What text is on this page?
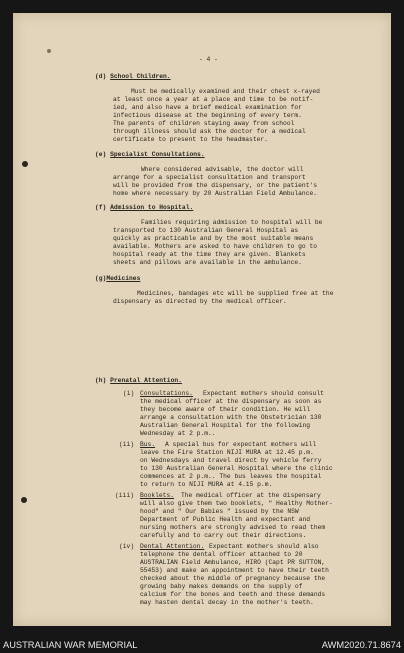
- 4 -
(d) School Children.
Must be medically examined and their chest x-rayed
at least once a year at a place and time to be notif-
ied, and also have a brief medical examination for
infectious disease at the beginning of every term.
The parents of children staying away from school
through illness should ask the doctor for a medical
certificate to present to the headmaster.
(e) Specialist Consultations.
Where considered advisable, the doctor will
arrange for a specialist consultation and transport
will be provided from the dispensary, or the patient's
home where necessary by 20 Australian Field Ambulance.
(f) Admission to Hospital.
Families requiring admission to hospital will be
transported to 130 Australian General Hospital as
quickly as practicable and by the most suitable means
available. Mothers are asked to have children to go to
hospital ready at the time they are given. Blankets
sheets and pillows are available in the ambulance.
(g)Medicines
Medicines, bandages etc will be supplied free at the
dispensary as directed by the medical officer.
(h) Prenatal Attention.
(i) Consultations. Expectant mothers should consult
the medical officer at the dispensary as soon as
they become aware of their condition. He will
arrange a consultation with the Obstetrician 130
Australian General Hospital for the following
Wednesday at 2 p.m..
(ii) Bus. A special bus for expectant mothers will
leave the Fire Station NIJI MURA at 12.45 p.m.
on Wednesdays and travel direct by vehicle ferry
to 130 Australian General Hospital where the clinic
commences at 2 p.m.. The bus leaves the hospital
to return to NIJI MURA at 4.15 p.m.
(iii) Booklets. The medical officer at the dispensary
will also give them two booklets, " Healthy Mother-
hood" and " Our Babies " issued by the NSW
Department of Public Health and expectant and
nursing mothers are strongly advised to read them
carefully and to carry out their directions.
(iv) Dental Attention. Expectant mothers should also
telephone the dental officer attached to 20
AUSTRALIAN Field Ambulance, HIRO (Capt PR SUTTON,
55453) and make an appointment to have their teeth
checked about the middle of pregnancy because the
growing baby makes demands on the supply of
calcium for the bones and teeth and these demands
may hasten dental decay in the mother's teeth.
AUSTRALIAN WAR MEMORIAL	AWM2020.71.8674
